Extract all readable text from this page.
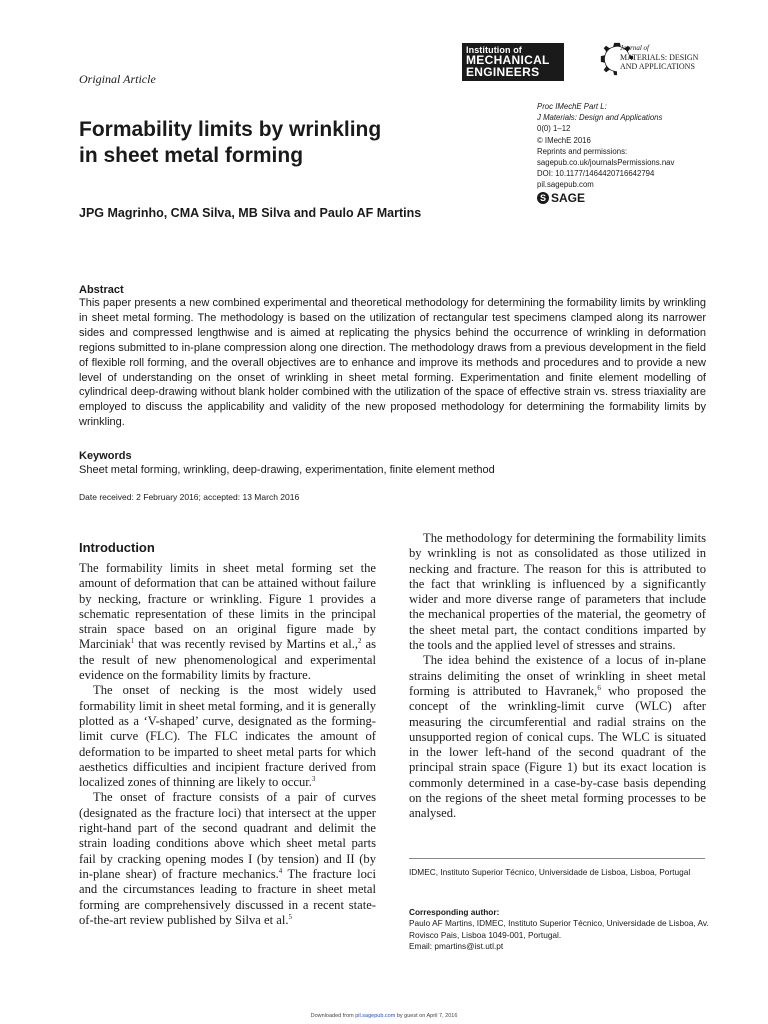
Original Article
Institution of
MECHANICAL
ENGINEERS
Journal of
MATERIALS: DESIGN
AND APPLICATIONS
Formability limits by wrinkling
in sheet metal forming
Proc IMechE Part L:
J Materials: Design and Applications
0(0) 1–12
© IMechE 2016
Reprints and permissions:
sagepub.co.uk/journalsPermissions.nav
DOI: 10.1177/1464420716642794
pil.sagepub.com
S SAGE
JPG Magrinho, CMA Silva, MB Silva and Paulo AF Martins
Abstract
This paper presents a new combined experimental and theoretical methodology for determining the formability limits by wrinkling in sheet metal forming. The methodology is based on the utilization of rectangular test specimens clamped along its narrower sides and compressed lengthwise and is aimed at replicating the physics behind the occurrence of wrinkling in deformation regions submitted to in-plane compression along one direction. The methodology draws from a previous development in the field of flexible roll forming, and the overall objectives are to enhance and improve its methods and procedures and to provide a new level of understanding on the onset of wrinkling in sheet metal forming. Experimentation and finite element modelling of cylindrical deep-drawing without blank holder combined with the utilization of the space of effective strain vs. stress triaxiality are employed to discuss the applicability and validity of the new proposed methodology for determining the formability limits by wrinkling.
Keywords
Sheet metal forming, wrinkling, deep-drawing, experimentation, finite element method
Date received: 2 February 2016; accepted: 13 March 2016
Introduction

The formability limits in sheet metal forming set the amount of deformation that can be attained without failure by necking, fracture or wrinkling. Figure 1 provides a schematic representation of these limits in the principal strain space based on an original figure made by Marciniak$^1$ that was recently revised by Martins et al.,$^2$ as the result of new phenomenological and experimental evidence on the formability limits by fracture.

The onset of necking is the most widely used formability limit in sheet metal forming, and it is generally plotted as a ‘V-shaped’ curve, designated as the forming-limit curve (FLC). The FLC indicates the amount of deformation to be imparted to sheet metal parts for which aesthetics difficulties and incipient fracture derived from localized zones of thinning are likely to occur.$^3$

The onset of fracture consists of a pair of curves (designated as the fracture loci) that intersect at the upper right-hand part of the second quadrant and delimit the strain loading conditions above which sheet metal parts fail by cracking opening modes I (by tension) and II (by in-plane shear) of fracture mechanics.$^4$ The fracture loci and the circumstances leading to fracture in sheet metal forming are comprehensively discussed in a recent state-of-the-art review published by Silva et al.$^5$

The methodology for determining the formability limits by wrinkling is not as consolidated as those utilized in necking and fracture. The reason for this is attributed to the fact that wrinkling is influenced by a significantly wider and more diverse range of parameters that include the mechanical properties of the material, the geometry of the sheet metal part, the contact conditions imparted by the tools and the applied level of stresses and strains.

The idea behind the existence of a locus of in-plane strains delimiting the onset of wrinkling in sheet metal forming is attributed to Havranek,$^6$ who proposed the concept of the wrinkling-limit curve (WLC) after measuring the circumferential and radial strains on the unsupported region of conical cups. The WLC is situated in the lower left-hand of the second quadrant of the principal strain space (Figure 1) but its exact location is commonly determined in a case-by-case basis depending on the regions of the sheet metal forming processes to be analysed.

IDMEC, Instituto Superior Técnico, Universidade de Lisboa, Lisboa, Portugal
Corresponding author:
Paulo AF Martins, IDMEC, Instituto Superior Técnico, Universidade de Lisboa, Av. Rovisco Pais, Lisboa 1049-001, Portugal.
Email: pmartins@ist.utl.pt
Downloaded from pil.sagepub.com by guest on April 7, 2016
